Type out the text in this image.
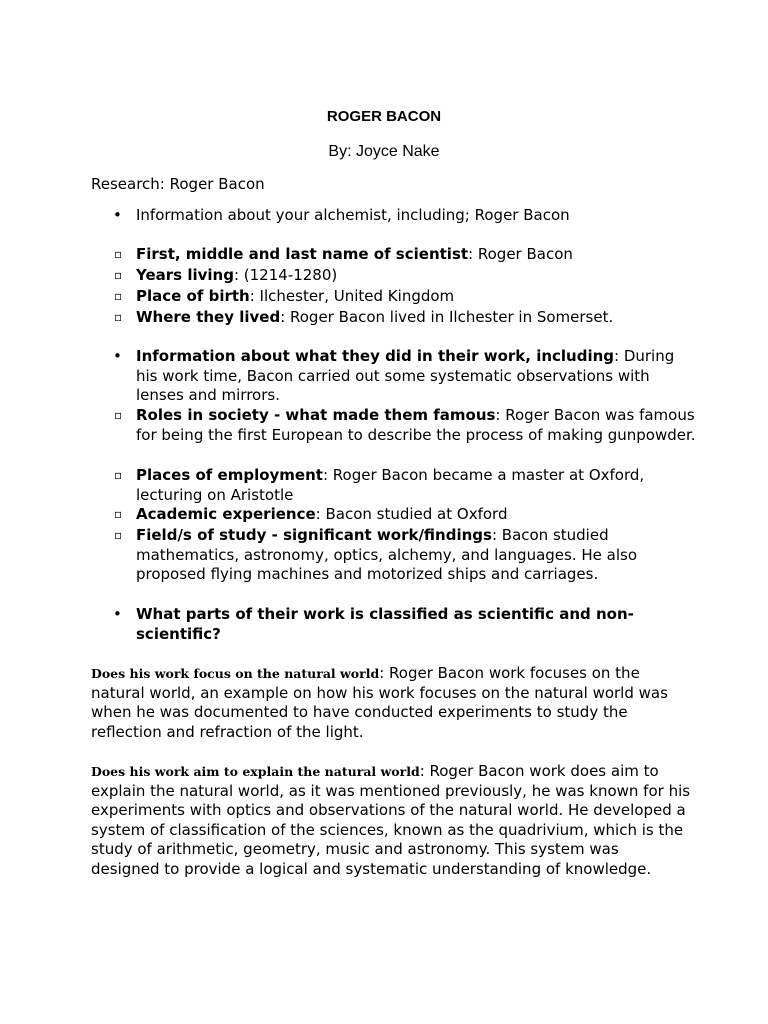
ROGER BACON
By: Joyce Nake
Research: Roger Bacon
• Information about your alchemist, including; Roger Bacon
▫ First, middle and last name of scientist: Roger Bacon
▫ Years living: (1214-1280)
▫ Place of birth: Ilchester, United Kingdom
▫ Where they lived: Roger Bacon lived in Ilchester in Somerset.
• Information about what they did in their work, including: During his work time, Bacon carried out some systematic observations with lenses and mirrors.
▫ Roles in society - what made them famous: Roger Bacon was famous for being the first European to describe the process of making gunpowder.
▫ Places of employment: Roger Bacon became a master at Oxford, lecturing on Aristotle
▫ Academic experience: Bacon studied at Oxford
▫ Field/s of study - significant work/findings: Bacon studied mathematics, astronomy, optics, alchemy, and languages. He also proposed flying machines and motorized ships and carriages.
• What parts of their work is classified as scientific and non-scientific?

Does his work focus on the natural world: Roger Bacon work focuses on the natural world, an example on how his work focuses on the natural world was when he was documented to have conducted experiments to study the reflection and refraction of the light.

Does his work aim to explain the natural world: Roger Bacon work does aim to explain the natural world, as it was mentioned previously, he was known for his experiments with optics and observations of the natural world. He developed a system of classification of the sciences, known as the quadrivium, which is the study of arithmetic, geometry, music and astronomy. This system was designed to provide a logical and systematic understanding of knowledge.
